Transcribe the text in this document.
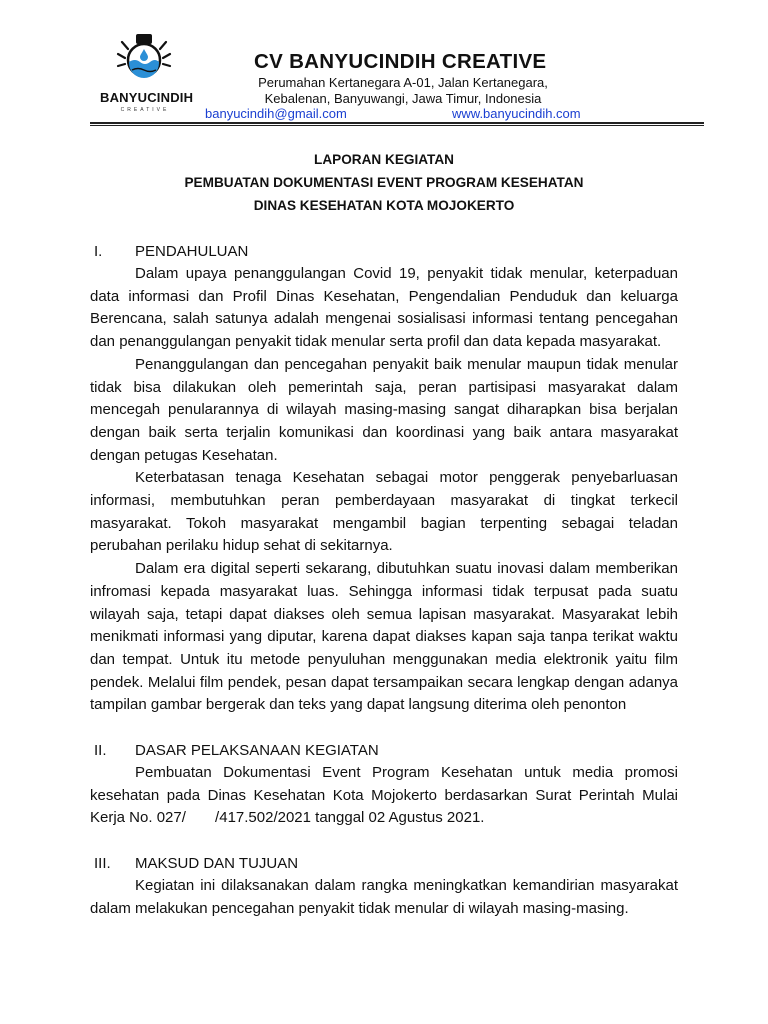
BANYUCINDIH
CREATIVE
CV BANYUCINDIH CREATIVE
Perumahan Kertanegara A-01, Jalan Kertanegara,
Kebalenan, Banyuwangi, Jawa Timur, Indonesia
banyucindih@gmail.com	www.banyucindih.com
LAPORAN KEGIATAN
PEMBUATAN DOKUMENTASI EVENT PROGRAM KESEHATAN
DINAS KESEHATAN KOTA MOJOKERTO
I.	PENDAHULUAN

Dalam upaya penanggulangan Covid 19, penyakit tidak menular, keterpaduan data informasi dan Profil Dinas Kesehatan, Pengendalian Penduduk dan keluarga Berencana, salah satunya adalah mengenai sosialisasi informasi tentang pencegahan dan penanggulangan penyakit tidak menular serta profil dan data kepada masyarakat.

Penanggulangan dan pencegahan penyakit baik menular maupun tidak menular tidak bisa dilakukan oleh pemerintah saja, peran partisipasi masyarakat dalam mencegah penularannya di wilayah masing-masing sangat diharapkan bisa berjalan dengan baik serta terjalin komunikasi dan koordinasi yang baik antara masyarakat dengan petugas Kesehatan.

Keterbatasan tenaga Kesehatan sebagai motor penggerak penyebarluasan informasi, membutuhkan peran pemberdayaan masyarakat di tingkat terkecil masyarakat. Tokoh masyarakat mengambil bagian terpenting sebagai teladan perubahan perilaku hidup sehat di sekitarnya.

Dalam era digital seperti sekarang, dibutuhkan suatu inovasi dalam memberikan infromasi kepada masyarakat luas. Sehingga informasi tidak terpusat pada suatu wilayah saja, tetapi dapat diakses oleh semua lapisan masyarakat. Masyarakat lebih menikmati informasi yang diputar, karena dapat diakses kapan saja tanpa terikat waktu dan tempat. Untuk itu metode penyuluhan menggunakan media elektronik yaitu film pendek. Melalui film pendek, pesan dapat tersampaikan secara lengkap dengan adanya tampilan gambar bergerak dan teks yang dapat langsung diterima oleh penonton

II.	DASAR PELAKSANAAN KEGIATAN

Pembuatan Dokumentasi Event Program Kesehatan untuk media promosi kesehatan pada Dinas Kesehatan Kota Mojokerto berdasarkan Surat Perintah Mulai Kerja No. 027/       /417.502/2021 tanggal 02 Agustus 2021.

III.	MAKSUD DAN TUJUAN

Kegiatan ini dilaksanakan dalam rangka meningkatkan kemandirian masyarakat dalam melakukan pencegahan penyakit tidak menular di wilayah masing-masing.
